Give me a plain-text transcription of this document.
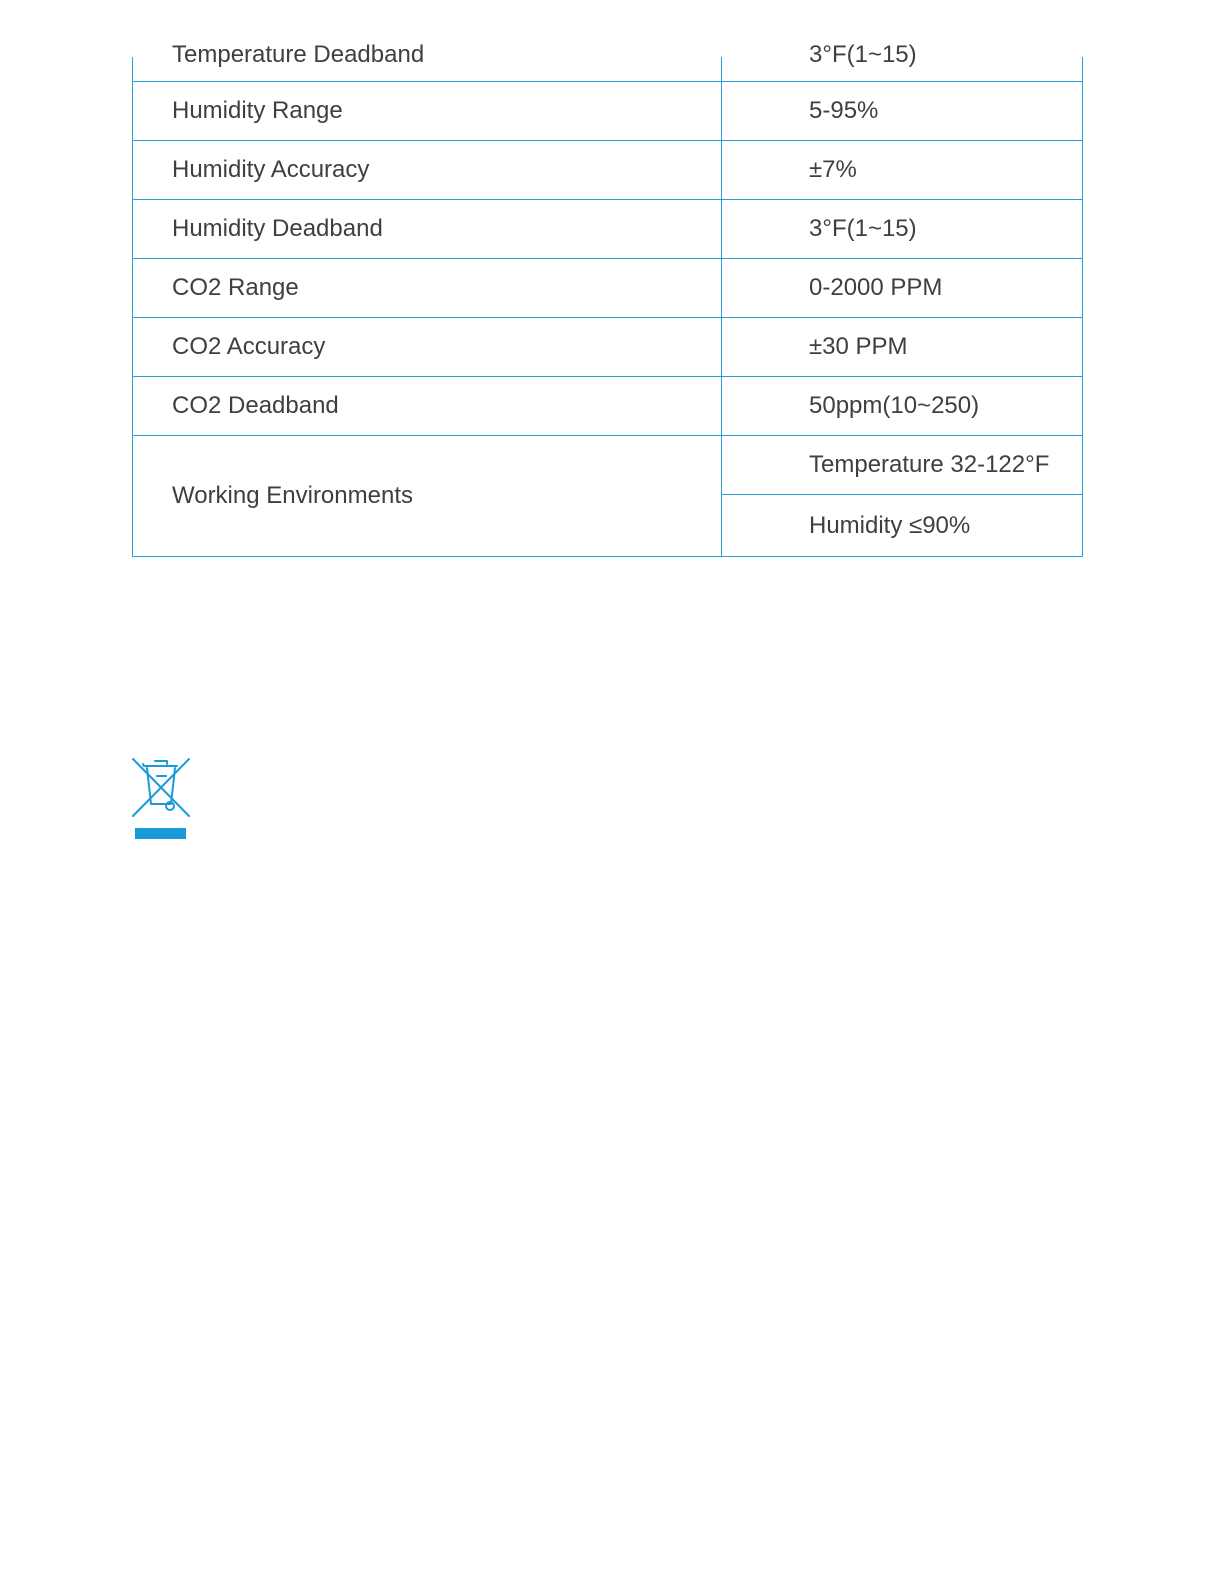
Temperature Deadband	3°F(1~15)

Humidity Range	5-95%
Humidity Accuracy	±7%
Humidity Deadband	3°F(1~15)
CO2 Range	0-2000 PPM
CO2 Accuracy	±30 PPM
CO2 Deadband	50ppm(10~250)
Working Environments	Temperature 32-122°F
	Humidity ≤90%
